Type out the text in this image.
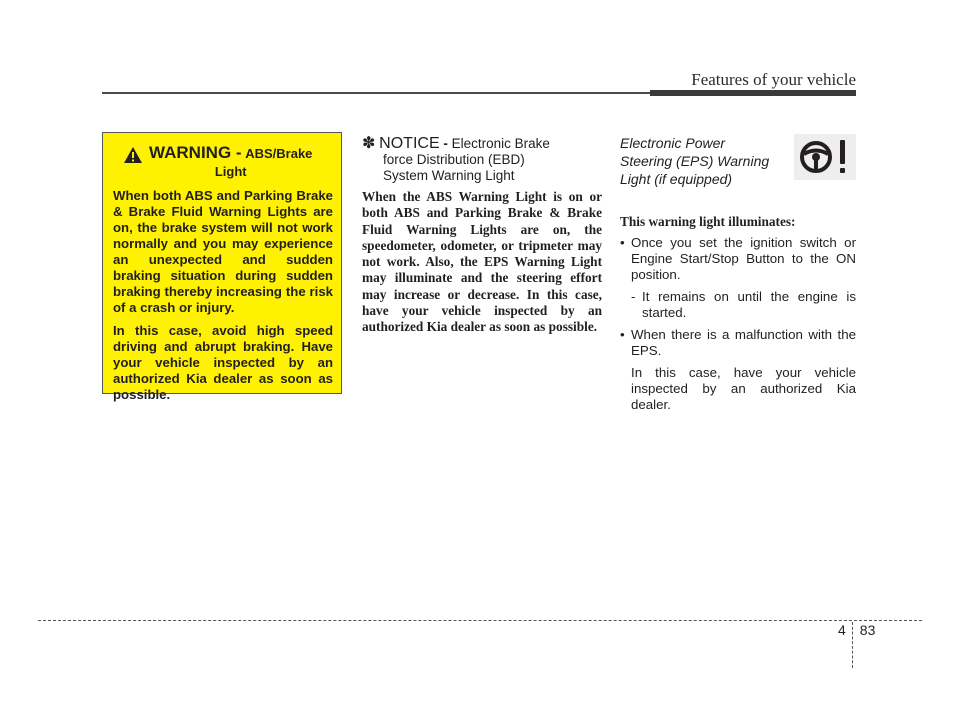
Features of your vehicle
WARNING - ABS/Brake
Light

When both ABS and Parking Brake & Brake Fluid Warning Lights are on, the brake system will not work normally and you may experience an unexpected and sudden braking situation during sudden braking thereby increasing the risk of a crash or injury.

In this case, avoid high speed driving and abrupt braking. Have your vehicle inspected by an authorized Kia dealer as soon as possible.

✽ NOTICE - Electronic Brake
force Distribution (EBD)
System Warning Light

When the ABS Warning Light is on or both ABS and Parking Brake & Brake Fluid Warning Lights are on, the speedometer, odometer, or tripmeter may not work. Also, the EPS Warning Light may illuminate and the steering effort may increase or decrease. In this case, have your vehicle inspected by an authorized Kia dealer as soon as possible.

Electronic Power
Steering (EPS) Warning
Light (if equipped)
This warning light illuminates:
• Once you set the ignition switch or Engine Start/Stop Button to the ON position.
- It remains on until the engine is started.
• When there is a malfunction with the EPS.
In this case, have your vehicle inspected by an authorized Kia dealer.
4 83
